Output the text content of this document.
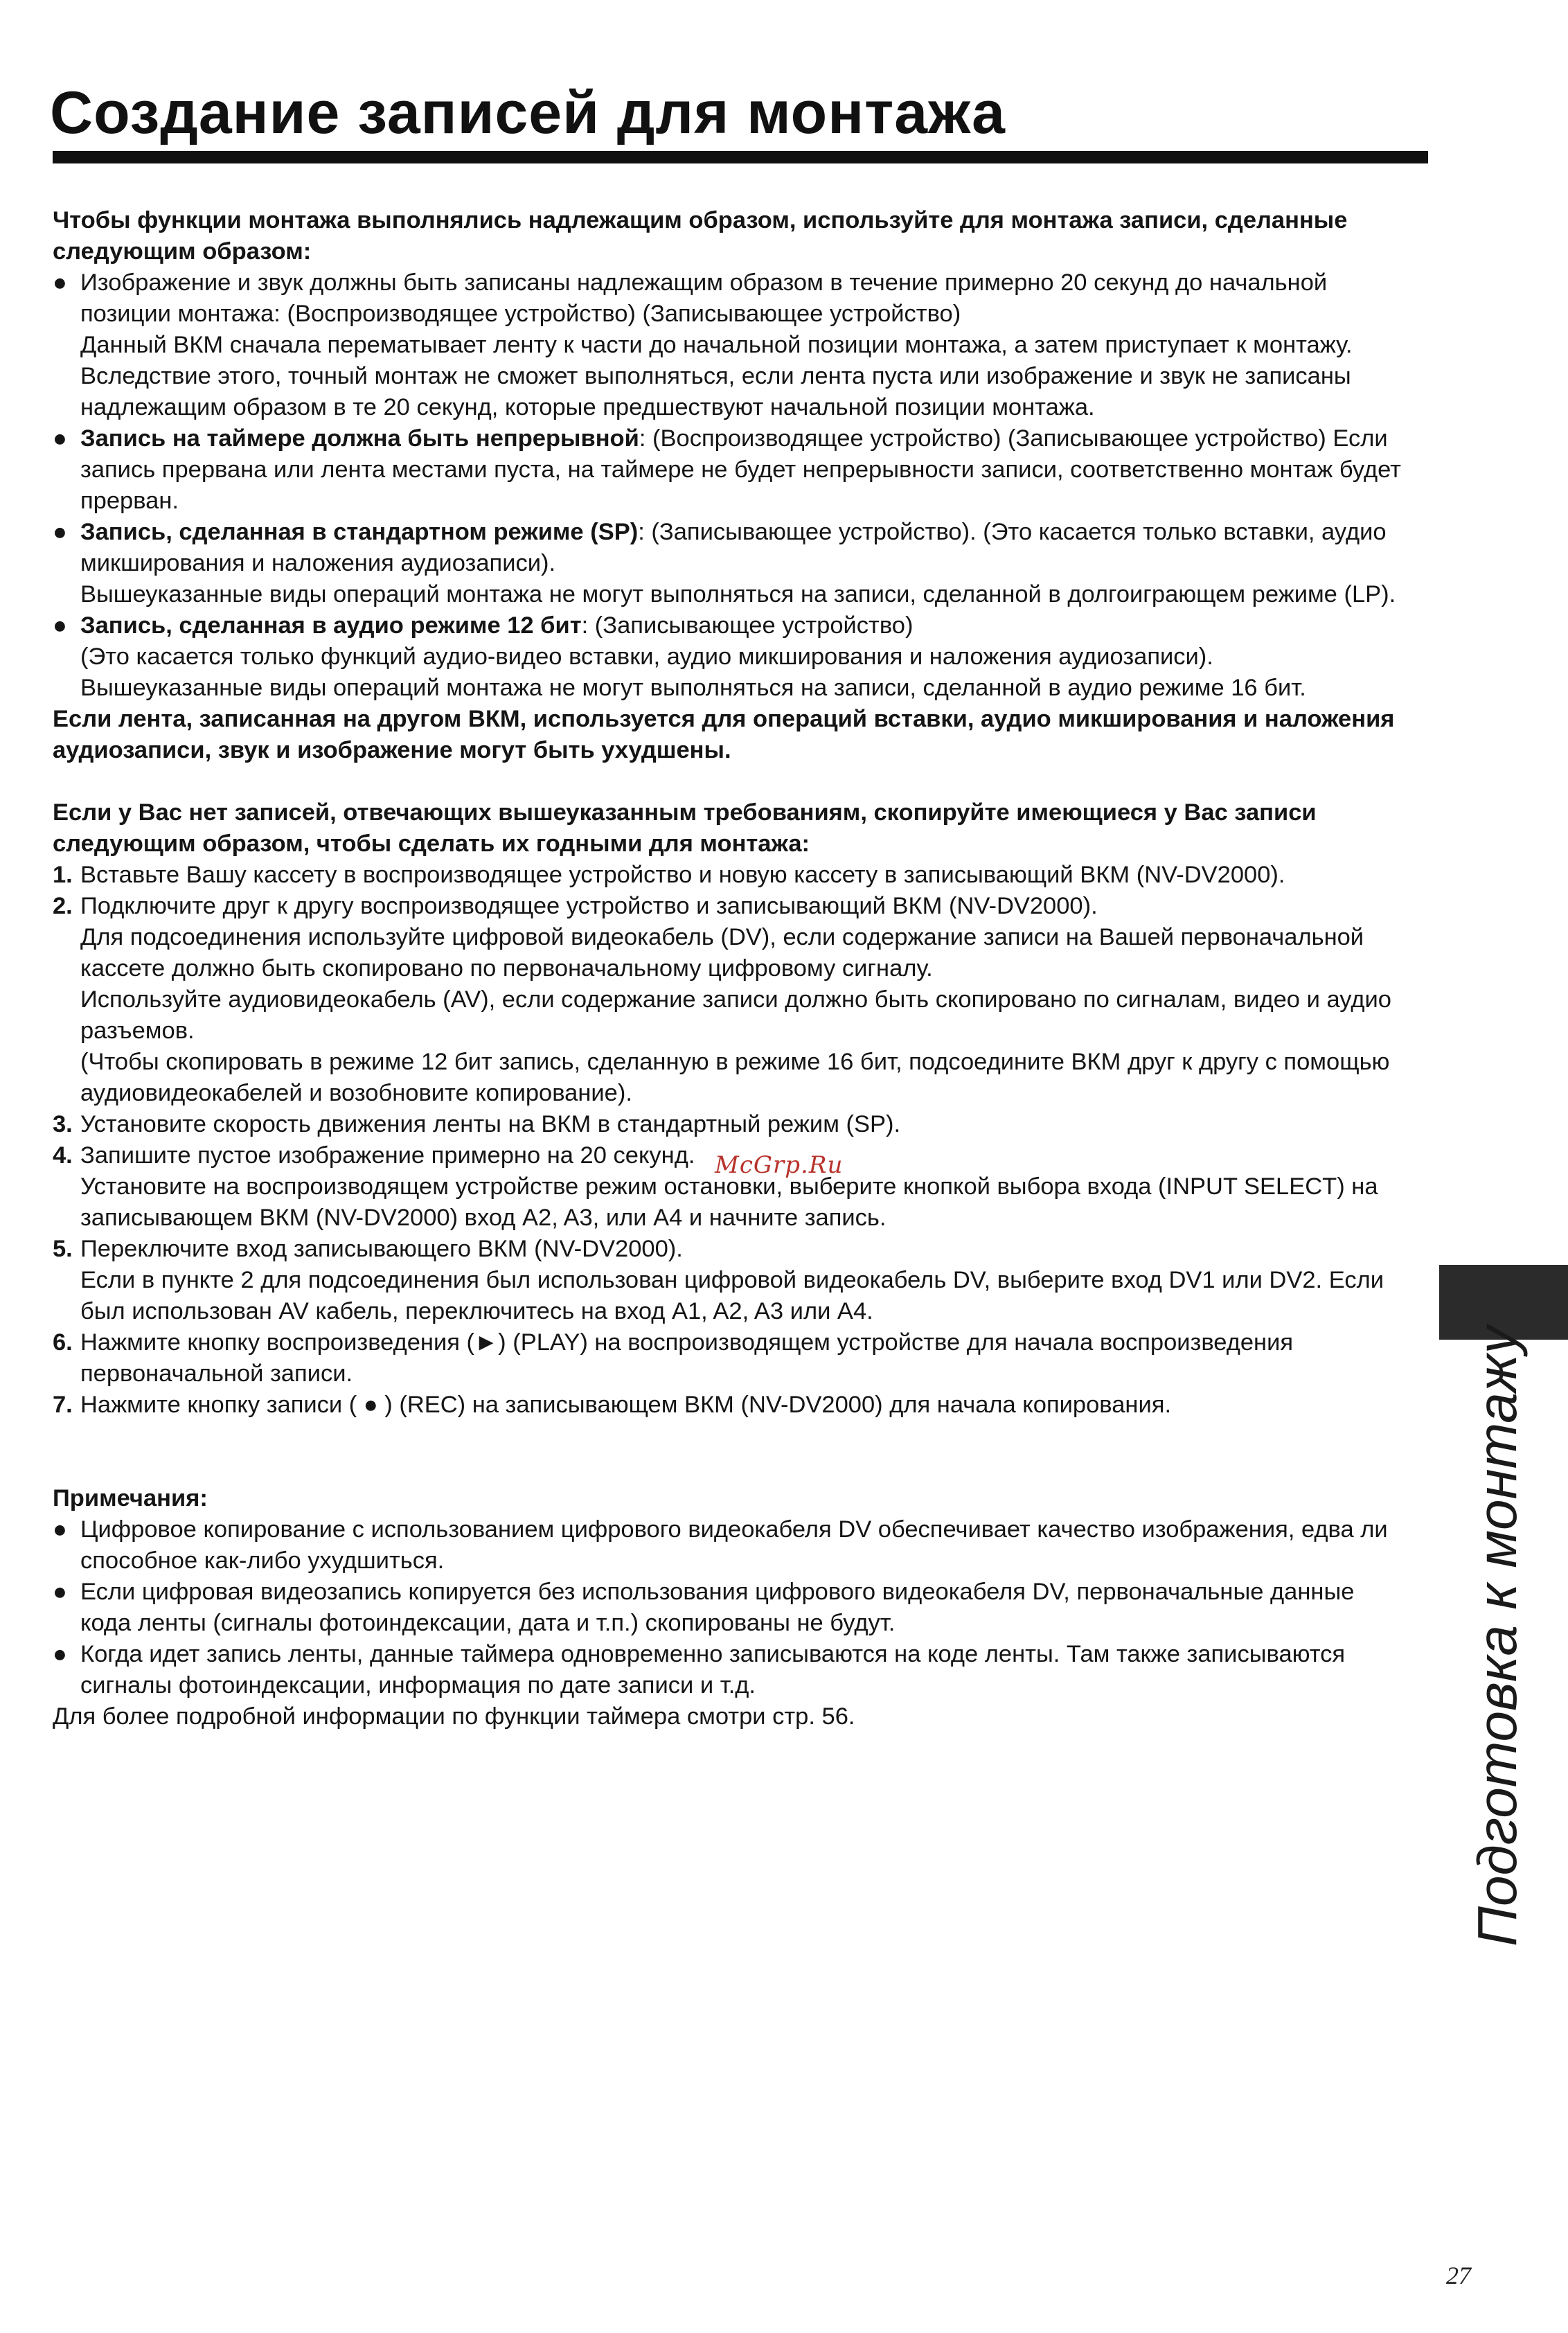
Создание записей для монтажа

Чтобы функции монтажа выполнялись надлежащим образом, используйте для монтажа записи, сделанные следующим образом:

● Изображение и звук должны быть записаны надлежащим образом в течение примерно 20 секунд до начальной позиции монтажа: (Воспроизводящее устройство) (Записывающее устройство)

Данный ВКМ сначала перематывает ленту к части до начальной позиции монтажа, а затем приступает к монтажу. Вследствие этого, точный монтаж не сможет выполняться, если лента пуста или изображение и звук не записаны надлежащим образом в те 20 секунд, которые предшествуют начальной позиции монтажа.

● Запись на таймере должна быть непрерывной: (Воспроизводящее устройство) (Записывающее устройство) Если запись прервана или лента местами пуста, на таймере не будет непрерывности записи, соответственно монтаж будет прерван.
● Запись, сделанная в стандартном режиме (SP): (Записывающее устройство). (Это касается только вставки, аудио микширования и наложения аудиозаписи).

Вышеуказанные виды операций монтажа не могут выполняться на записи, сделанной в долгоиграющем режиме (LP).

● Запись, сделанная в аудио режиме 12 бит: (Записывающее устройство)

(Это касается только функций аудио-видео вставки, аудио микширования и наложения аудиозаписи).

Вышеуказанные виды операций монтажа не могут выполняться на записи, сделанной в аудио режиме 16 бит.

Если лента, записанная на другом ВКМ, используется для операций вставки, аудио микширования и наложения аудиозаписи, звук и изображение могут быть ухудшены.

Если у Вас нет записей, отвечающих вышеуказанным требованиям, скопируйте имеющиеся у Вас записи следующим образом, чтобы сделать их годными для монтажа:

1. Вставьте Вашу кассету в воспроизводящее устройство и новую кассету в записывающий ВКМ (NV-DV2000).

2. Подключите друг к другу воспроизводящее устройство и записывающий ВКМ (NV-DV2000).

Для подсоединения используйте цифровой видеокабель (DV), если содержание записи на Вашей первоначальной кассете должно быть скопировано по первоначальному цифровому сигналу.

Используйте аудиовидеокабель (AV), если содержание записи должно быть скопировано по сигналам, видео и аудио разъемов.

(Чтобы скопировать в режиме 12 бит запись, сделанную в режиме 16 бит, подсоедините ВКМ друг к другу с помощью аудиовидеокабелей и возобновите копирование).

3. Установите скорость движения ленты на ВКМ в стандартный режим (SP).

4. Запишите пустое изображение примерно на 20 секунд.

Установите на воспроизводящем устройстве режим остановки, выберите кнопкой выбора входа (INPUT SELECT) на записывающем ВКМ (NV-DV2000) вход A2, A3, или A4 и начните запись.

5. Переключите вход записывающего ВКМ (NV-DV2000).

Если в пункте 2 для подсоединения был использован цифровой видеокабель DV, выберите вход DV1 или DV2. Если был использован AV кабель, переключитесь на вход A1, A2, A3 или A4.

6. Нажмите кнопку воспроизведения (►) (PLAY) на воспроизводящем устройстве для начала воспроизведения первоначальной записи.

7. Нажмите кнопку записи ( ● ) (REC) на записывающем ВКМ (NV-DV2000) для начала копирования.

Примечания:

● Цифровое копирование с использованием цифрового видеокабеля DV обеспечивает качество изображения, едва ли способное как-либо ухудшиться.
● Если цифровая видеозапись копируется без использования цифрового видеокабеля DV, первоначальные данные кода ленты (сигналы фотоиндексации, дата и т.п.) скопированы не будут.
● Когда идет запись ленты, данные таймера одновременно записываются на коде ленты. Там также записываются сигналы фотоиндексации, информация по дате записи и т.д.

Для более подробной информации по функции таймера смотри стр. 56.

McGrp.Ru
Подготовка к монтажу
27
